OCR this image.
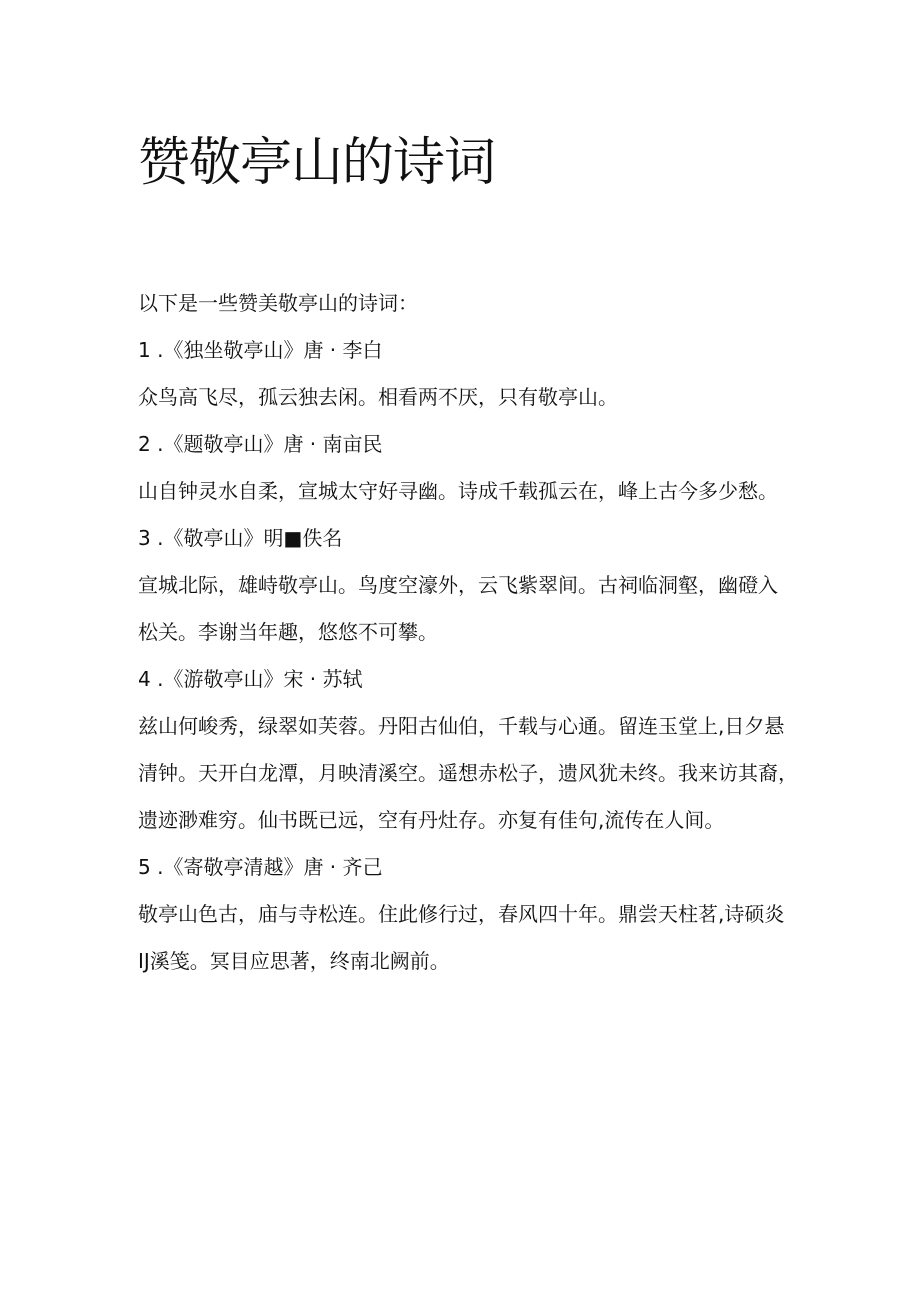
赞敬亭山的诗词

以下是一些赞美敬亭山的诗词：

1 .《独坐敬亭山》唐 · 李白

众鸟高飞尽，孤云独去闲。相看两不厌，只有敬亭山。

2 .《题敬亭山》唐 · 南亩民

山自钟灵水自柔，宣城太守好寻幽。诗成千载孤云在，峰上古今多少愁。

3 .《敬亭山》明■佚名

宣城北际，雄峙敬亭山。鸟度空濠外，云飞紫翠间。古祠临洞壑，幽磴入

松关。李谢当年趣，悠悠不可攀。

4 .《游敬亭山》宋 · 苏轼

兹山何峻秀，绿翠如芙蓉。丹阳古仙伯，千载与心通。留连玉堂上,日夕悬

清钟。天开白龙潭，月映清溪空。遥想赤松子，遗风犹未终。我来访其裔，

遗迹渺难穷。仙书既已远，空有丹灶存。亦复有佳句,流传在人间。

5 .《寄敬亭清越》唐 · 齐己

敬亭山色古，庙与寺松连。住此修行过，春风四十年。鼎尝天柱茗,诗硕炎

IJ溪笺。冥目应思著，终南北阙前。
